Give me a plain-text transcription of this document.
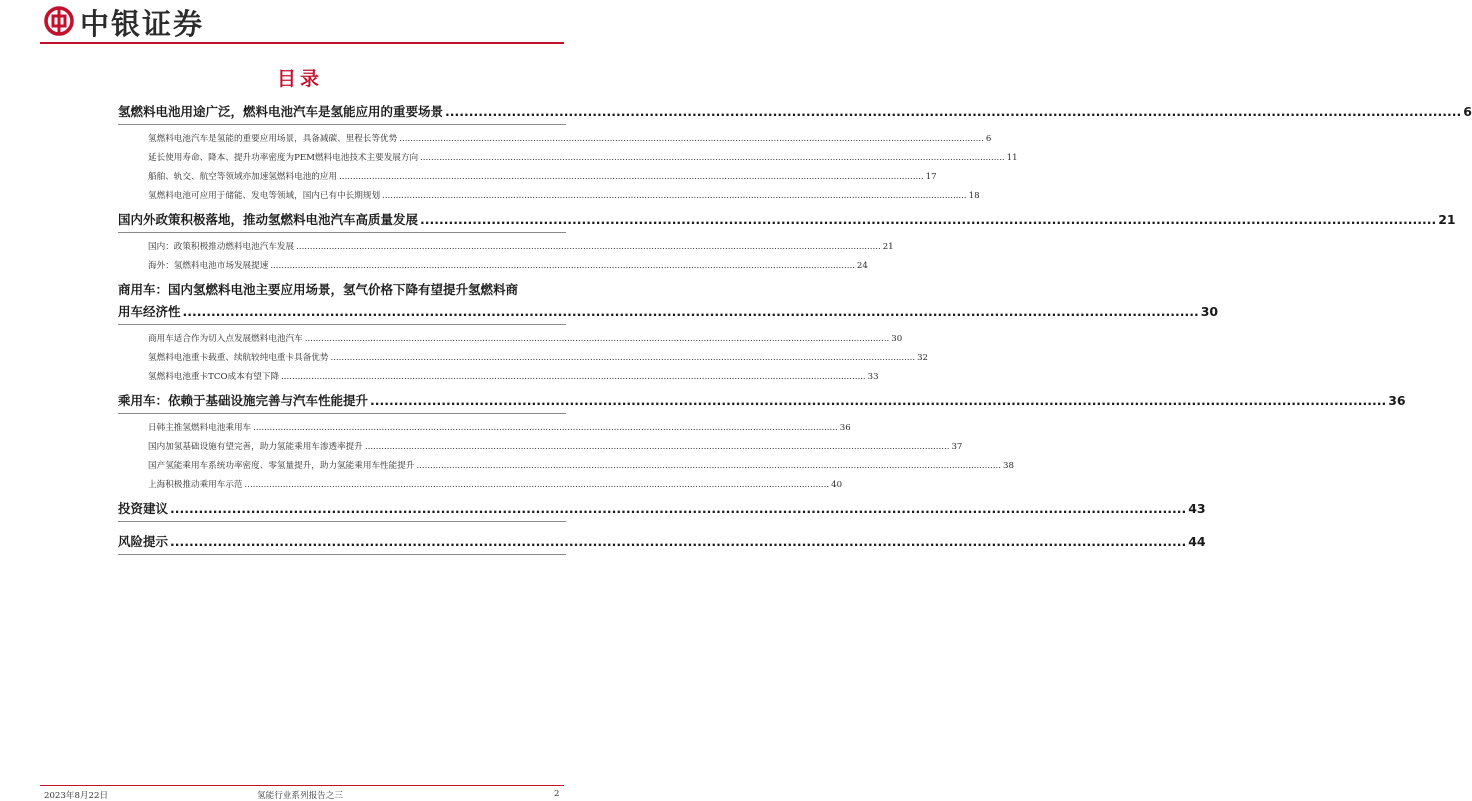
中银证券
目录
氢燃料电池用途广泛，燃料电池汽车是氢能应用的重要场景 .....	6
氢燃料电池汽车是氢能的重要应用场景，具备减碳、里程长等优势 .....	6
延长使用寿命、降本、提升功率密度为PEM燃料电池技术主要发展方向 .....	11
船舶、轨交、航空等领域亦加速氢燃料电池的应用 .....	17
氢燃料电池可应用于储能、发电等领域，国内已有中长期规划 .....	18
国内外政策积极落地，推动氢燃料电池汽车高质量发展 .....	21
国内：政策积极推动燃料电池汽车发展 .....	21
海外：氢燃料电池市场发展提速 .....	24
商用车：国内氢燃料电池主要应用场景，氢气价格下降有望提升氢燃料商
用车经济性 .....	30
商用车适合作为切入点发展燃料电池汽车 .....	30
氢燃料电池重卡载重、续航较纯电重卡具备优势 .....	32
氢燃料电池重卡TCO成本有望下降 .....	33
乘用车：依赖于基础设施完善与汽车性能提升 .....	36
日韩主推氢燃料电池乘用车 .....	36
国内加氢基础设施有望完善，助力氢能乘用车渗透率提升 .....	37
国产氢能乘用车系统功率密度、零氢量提升，助力氢能乘用车性能提升 .....	38
上海积极推动乘用车示范 .....	40
投资建议 .....	43
风险提示 .....	44
2023年8月22日	氢能行业系列报告之三	2
